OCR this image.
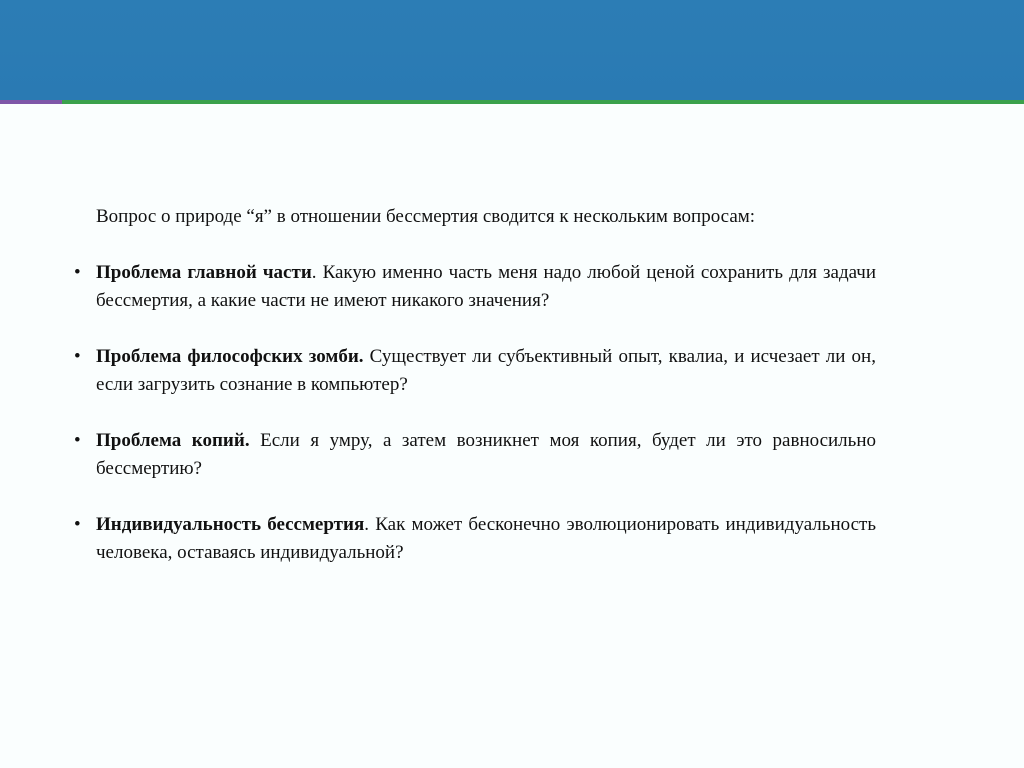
Вопрос о природе “я” в отношении бессмертия сводится к нескольким вопросам:

• Проблема главной части. Какую именно часть меня надо любой ценой сохранить для задачи бессмертия, а какие части не имеют никакого значения?
• Проблема философских зомби. Существует ли субъективный опыт, квалиа, и исчезает ли он, если загрузить сознание в компьютер?
• Проблема копий. Если я умру, а затем возникнет моя копия, будет ли это равносильно бессмертию?
• Индивидуальность бессмертия. Как может бесконечно эволюционировать индивидуальность человека, оставаясь индивидуальной?
